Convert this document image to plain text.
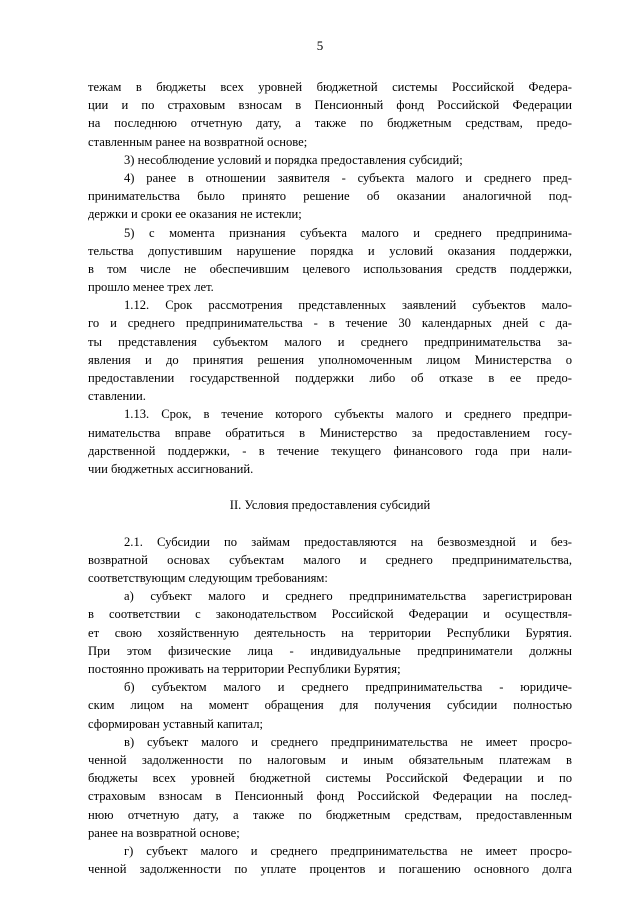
5
тежам в бюджеты всех уровней бюджетной системы Российской Федера-
ции и по страховым взносам в Пенсионный фонд Российской Федерации
на последнюю отчетную дату, а также по бюджетным средствам, предо-
ставленным ранее на возвратной основе;
3) несоблюдение условий и порядка предоставления субсидий;
4) ранее в отношении заявителя - субъекта малого и среднего пред-
принимательства было принято решение об оказании аналогичной под-
держки и сроки ее оказания не истекли;
5) с момента признания субъекта малого и среднего предпринима-
тельства допустившим нарушение порядка и условий оказания поддержки,
в том числе не обеспечившим целевого использования средств поддержки,
прошло менее трех лет.
1.12. Срок рассмотрения представленных заявлений субъектов мало-
го и среднего предпринимательства - в течение 30 календарных дней с да-
ты представления субъектом малого и среднего предпринимательства за-
явления и до принятия решения уполномоченным лицом Министерства о
предоставлении государственной поддержки либо об отказе в ее предо-
ставлении.
1.13. Срок, в течение которого субъекты малого и среднего предпри-
нимательства вправе обратиться в Министерство за предоставлением госу-
дарственной поддержки, - в течение текущего финансового года при нали-
чии бюджетных ассигнований.
II. Условия предоставления субсидий
2.1. Субсидии по займам предоставляются на безвозмездной и без-
возвратной основах субъектам малого и среднего предпринимательства,
соответствующим следующим требованиям:
а) субъект малого и среднего предпринимательства зарегистрирован
в соответствии с законодательством Российской Федерации и осуществля-
ет свою хозяйственную деятельность на территории Республики Бурятия.
При этом физические лица - индивидуальные предприниматели должны
постоянно проживать на территории Республики Бурятия;
б) субъектом малого и среднего предпринимательства - юридиче-
ским лицом на момент обращения для получения субсидии полностью
сформирован уставный капитал;
в) субъект малого и среднего предпринимательства не имеет просро-
ченной задолженности по налоговым и иным обязательным платежам в
бюджеты всех уровней бюджетной системы Российской Федерации и по
страховым взносам в Пенсионный фонд Российской Федерации на послед-
нюю отчетную дату, а также по бюджетным средствам, предоставленным
ранее на возвратной основе;
г) субъект малого и среднего предпринимательства не имеет просро-
ченной задолженности по уплате процентов и погашению основного долга
